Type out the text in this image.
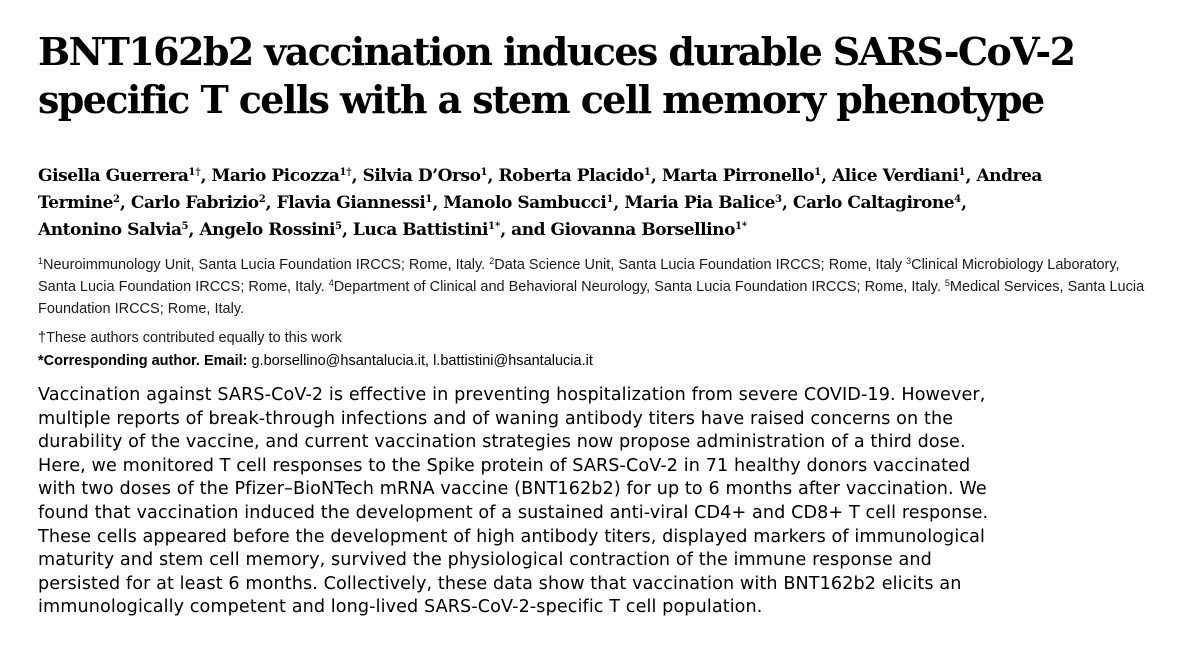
BNT162b2 vaccination induces durable SARS-CoV-2
specific T cells with a stem cell memory phenotype
Gisella Guerrera$^{1\dagger}$, Mario Picozza$^{1\dagger}$, Silvia D’Orso$^1$, Roberta Placido$^1$, Marta Pirronello$^1$, Alice Verdiani$^1$, Andrea
Termine$^2$, Carlo Fabrizio$^2$, Flavia Giannessi$^1$, Manolo Sambucci$^1$, Maria Pia Balice$^3$, Carlo Caltagirone$^4$,
Antonino Salvia$^5$, Angelo Rossini$^5$, Luca Battistini$^{1*}$, and Giovanna Borsellino$^{1*}$
$^1$Neuroimmunology Unit, Santa Lucia Foundation IRCCS; Rome, Italy. $^2$Data Science Unit, Santa Lucia Foundation IRCCS; Rome, Italy $^3$Clinical Microbiology Laboratory,
Santa Lucia Foundation IRCCS; Rome, Italy. $^4$Department of Clinical and Behavioral Neurology, Santa Lucia Foundation IRCCS; Rome, Italy. $^5$Medical Services, Santa Lucia
Foundation IRCCS; Rome, Italy.
†These authors contributed equally to this work
*Corresponding author. Email: g.borsellino@hsantalucia.it, l.battistini@hsantalucia.it
Vaccination against SARS-CoV-2 is effective in preventing hospitalization from severe COVID-19. However,
multiple reports of break-through infections and of waning antibody titers have raised concerns on the
durability of the vaccine, and current vaccination strategies now propose administration of a third dose.
Here, we monitored T cell responses to the Spike protein of SARS-CoV-2 in 71 healthy donors vaccinated
with two doses of the Pfizer–BioNTech mRNA vaccine (BNT162b2) for up to 6 months after vaccination. We
found that vaccination induced the development of a sustained anti-viral CD4+ and CD8+ T cell response.
These cells appeared before the development of high antibody titers, displayed markers of immunological
maturity and stem cell memory, survived the physiological contraction of the immune response and
persisted for at least 6 months. Collectively, these data show that vaccination with BNT162b2 elicits an
immunologically competent and long-lived SARS-CoV-2-specific T cell population.
